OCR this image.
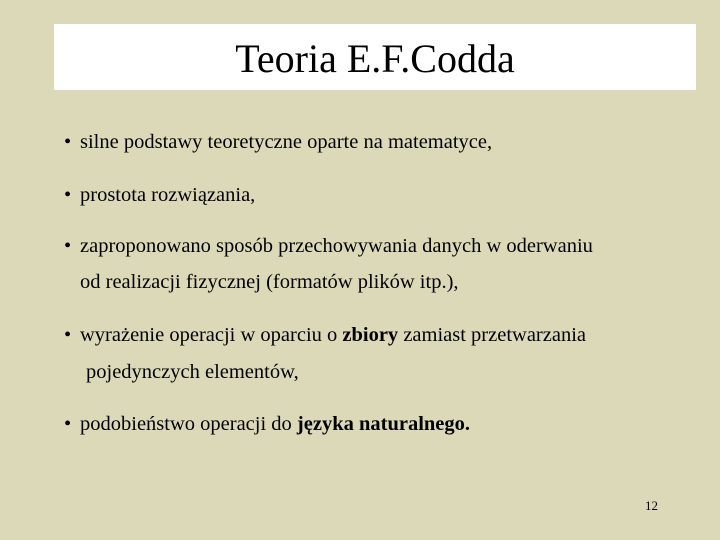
Teoria E.F.Codda
• silne podstawy teoretyczne oparte na matematyce,
• prostota rozwiązania,
• zaproponowano sposób przechowywania danych w oderwaniu
od realizacji fizycznej (formatów plików itp.),
• wyrażenie operacji w oparciu o zbiory zamiast przetwarzania
pojedynczych elementów,
• podobieństwo operacji do języka naturalnego.
12
